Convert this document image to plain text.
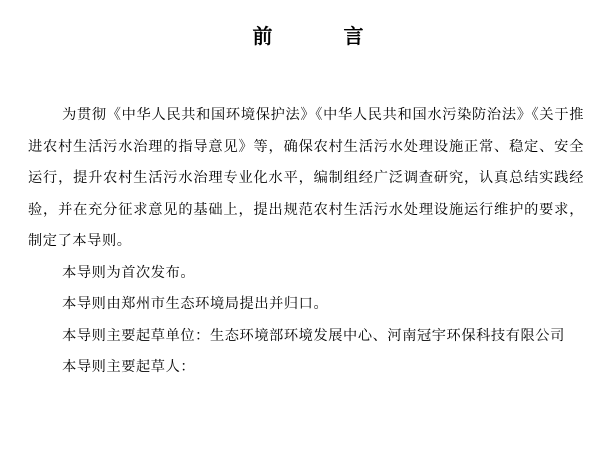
前 言

为贯彻《中华人民共和国环境保护法》《中华人民共和国水污染防治法》《关于推进农村生活污水治理的指导意见》等，确保农村生活污水处理设施正常、稳定、安全运行，提升农村生活污水治理专业化水平，编制组经广泛调查研究，认真总结实践经验，并在充分征求意见的基础上，提出规范农村生活污水处理设施运行维护的要求，制定了本导则。

本导则为首次发布。

本导则由郑州市生态环境局提出并归口。

本导则主要起草单位：生态环境部环境发展中心、河南冠宇环保科技有限公司

本导则主要起草人：
